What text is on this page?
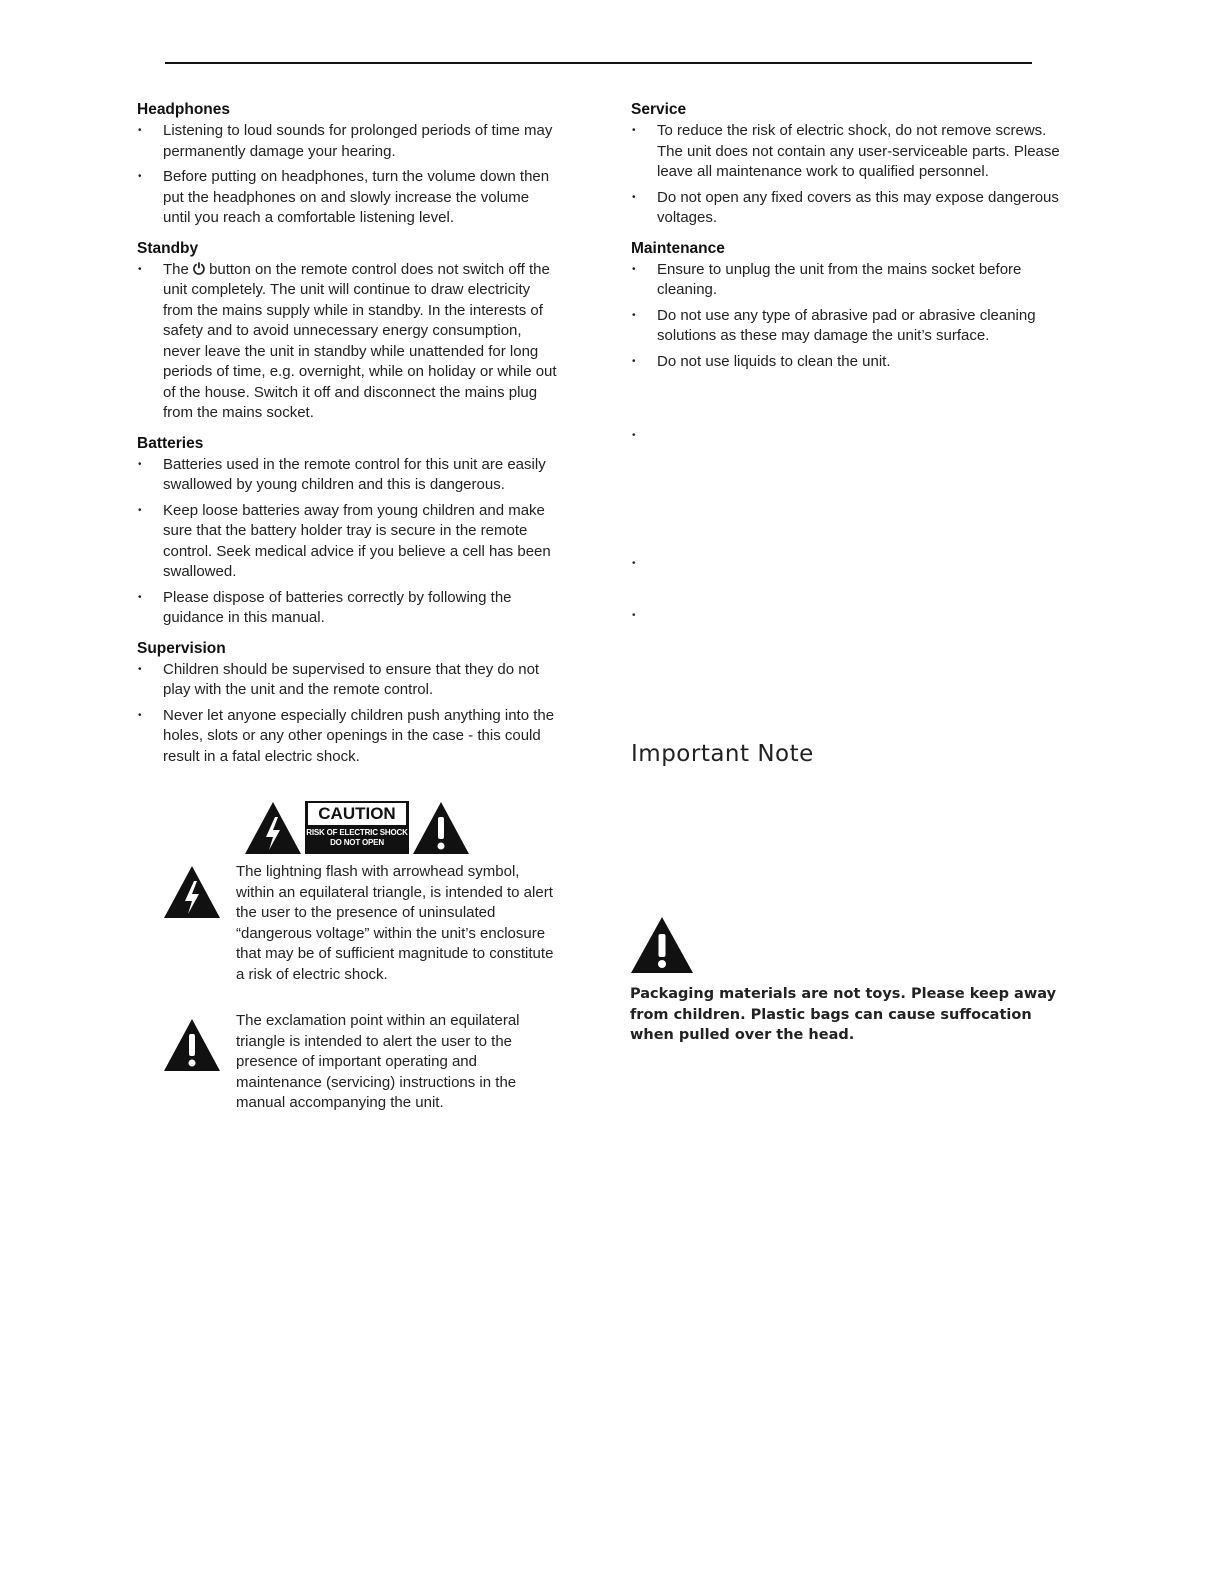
Headphones
• Listening to loud sounds for prolonged periods of time may permanently damage your hearing.
• Before putting on headphones, turn the volume down then put the headphones on and slowly increase the volume until you reach a comfortable listening level.
Standby
• The ⏻ button on the remote control does not switch off the unit completely. The unit will continue to draw electricity from the mains supply while in standby. In the interests of safety and to avoid unnecessary energy consumption, never leave the unit in standby while unattended for long periods of time, e.g. overnight, while on holiday or while out of the house. Switch it off and disconnect the mains plug from the mains socket.
Batteries
• Batteries used in the remote control for this unit are easily swallowed by young children and this is dangerous.
• Keep loose batteries away from young children and make sure that the battery holder tray is secure in the remote control. Seek medical advice if you believe a cell has been swallowed.
• Please dispose of batteries correctly by following the guidance in this manual.
Supervision
• Children should be supervised to ensure that they do not play with the unit and the remote control.
• Never let anyone especially children push anything into the holes, slots or any other openings in the case - this could result in a fatal electric shock.
CAUTION
RISK OF ELECTRIC SHOCK
DO NOT OPEN
The lightning flash with arrowhead symbol, within an equilateral triangle, is intended to alert the user to the presence of uninsulated “dangerous voltage” within the unit’s enclosure that may be of sufficient magnitude to constitute a risk of electric shock.
The exclamation point within an equilateral triangle is intended to alert the user to the presence of important operating and maintenance (servicing) instructions in the manual accompanying the unit.
Service
• To reduce the risk of electric shock, do not remove screws. The unit does not contain any user-serviceable parts. Please leave all maintenance work to qualified personnel.
• Do not open any fixed covers as this may expose dangerous voltages.
Maintenance
• Ensure to unplug the unit from the mains socket before cleaning.
• Do not use any type of abrasive pad or abrasive cleaning solutions as these may damage the unit’s surface.
• Do not use liquids to clean the unit.
•
•
•
Important Note
Packaging materials are not toys. Please keep away from children. Plastic bags can cause suffocation when pulled over the head.
